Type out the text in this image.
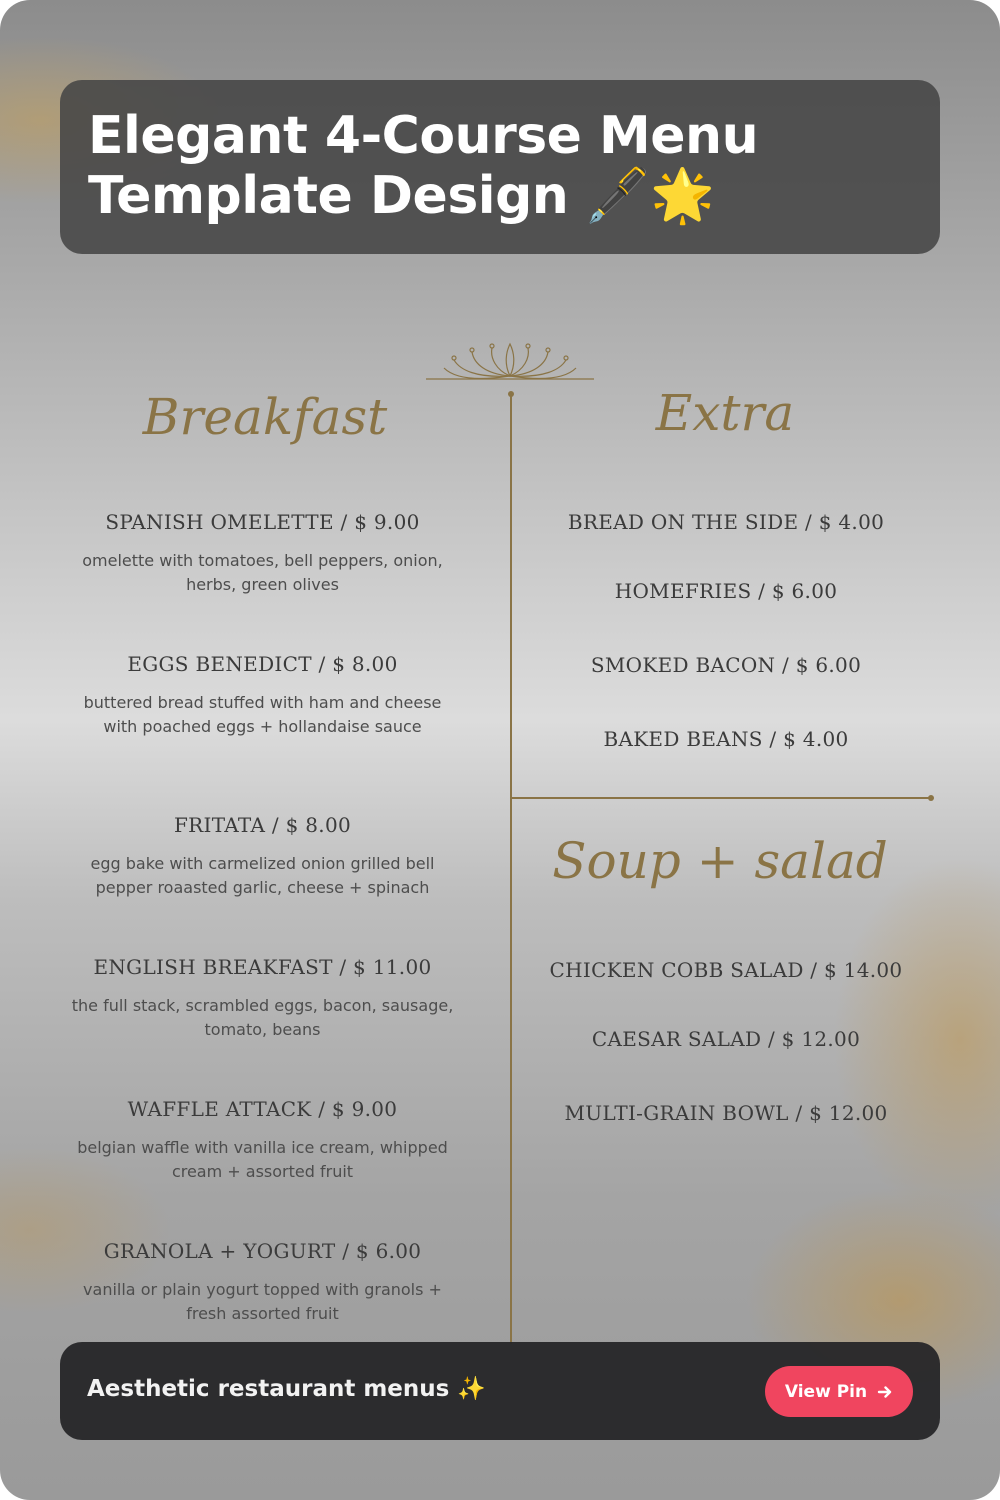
Elegant 4-Course Menu Template Design 🖋️🌟
Breakfast	Extra
Soup + salad
SPANISH OMELETTE / $ 9.00
omelette with tomatoes, bell peppers, onion, herbs, green olives
EGGS BENEDICT / $ 8.00
buttered bread stuffed with ham and cheese with poached eggs + hollandaise sauce
FRITATA / $ 8.00
egg bake with carmelized onion grilled bell pepper roaasted garlic, cheese + spinach
ENGLISH BREAKFAST / $ 11.00
the full stack, scrambled eggs, bacon, sausage, tomato, beans
WAFFLE ATTACK / $ 9.00
belgian waffle with vanilla ice cream, whipped cream + assorted fruit
GRANOLA + YOGURT / $ 6.00
vanilla or plain yogurt topped with granols + fresh assorted fruit
BREAD ON THE SIDE / $ 4.00
HOMEFRIES / $ 6.00
SMOKED BACON / $ 6.00
BAKED BEANS / $ 4.00
CHICKEN COBB SALAD / $ 14.00
CAESAR SALAD / $ 12.00
MULTI-GRAIN BOWL / $ 12.00
Aesthetic restaurant menus ✨	View Pin
